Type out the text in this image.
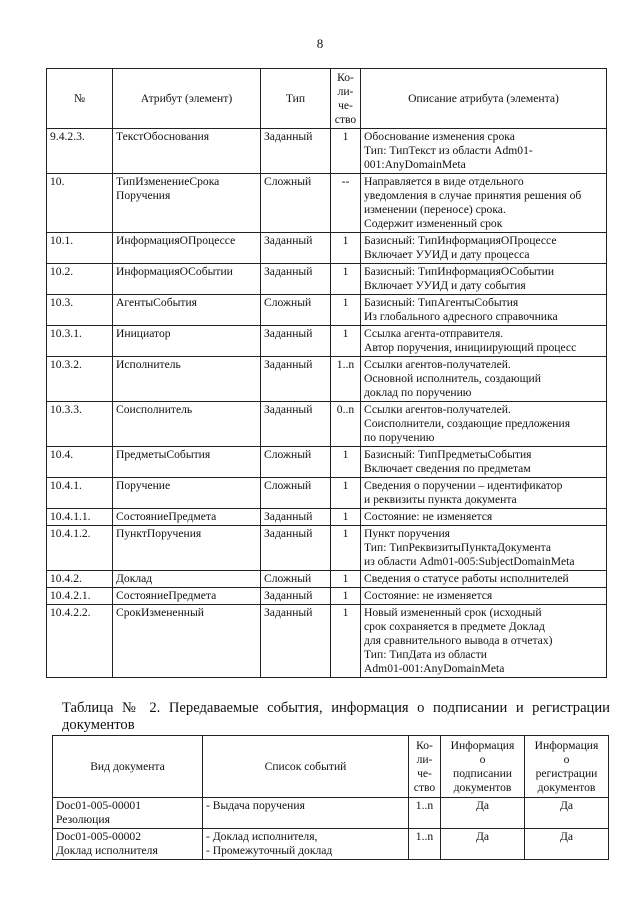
8
№	Атрибут (элемент)	Тип	Ко-
ли-
че-
ство	Описание атрибута (элемента)

9.4.2.3.	ТекстОбоснования	Заданный	1	Обоснование изменения срока
Тип: ТипТекст из области Adm01-
001:AnyDomainMeta

10.	ТипИзменениеСрока
Поручения	Сложный	--	Направляется в виде отдельного
уведомления в случае принятия решения об
изменении (переносе) срока.
Содержит измененный срок

10.1.	ИнформацияОПроцессе	Заданный	1	Базисный: ТипИнформацияОПроцессе
Включает УУИД и дату процесса

10.2.	ИнформацияОСобытии	Заданный	1	Базисный: ТипИнформацияОСобытии
Включает УУИД и дату события

10.3.	АгентыСобытия	Сложный	1	Базисный: ТипАгентыСобытия
Из глобального адресного справочника

10.3.1.	Инициатор	Заданный	1	Ссылка агента-отправителя.
Автор поручения, инициирующий процесс

10.3.2.	Исполнитель	Заданный	1..n	Ссылки агентов-получателей.
Основной исполнитель, создающий
доклад по поручению

10.3.3.	Соисполнитель	Заданный	0..n	Ссылки агентов-получателей.
Соисполнители, создающие предложения
по поручению

10.4.	ПредметыСобытия	Сложный	1	Базисный: ТипПредметыСобытия
Включает сведения по предметам

10.4.1.	Поручение	Сложный	1	Сведения о поручении – идентификатор
и реквизиты пункта документа

10.4.1.1.	СостояниеПредмета	Заданный	1	Состояние: не изменяется

10.4.1.2.	ПунктПоручения	Заданный	1	Пункт поручения
Тип: ТипРеквизитыПунктаДокумента
из области Adm01-005:SubjectDomainMeta

10.4.2.	Доклад	Сложный	1	Сведения о статусе работы исполнителей

10.4.2.1.	СостояниеПредмета	Заданный	1	Состояние: не изменяется

10.4.2.2.	СрокИзмененный	Заданный	1	Новый измененный срок (исходный
срок сохраняется в предмете Доклад
для сравнительного вывода в отчетах)
Тип: ТипДата из области
Adm01-001:AnyDomainMeta
Таблица № 2. Передаваемые события, информация о подписании и регистрации документов
Вид документа	Список событий	Ко-
ли-
че-
ство	Информация
о
подписании
документов	Информация
о
регистрации
документов

Doc01-005-00001
Резолюция	- Выдача поручения	1..n	Да	Да

Doc01-005-00002
Доклад исполнителя	- Доклад исполнителя,
- Промежуточный доклад	1..n	Да	Да
